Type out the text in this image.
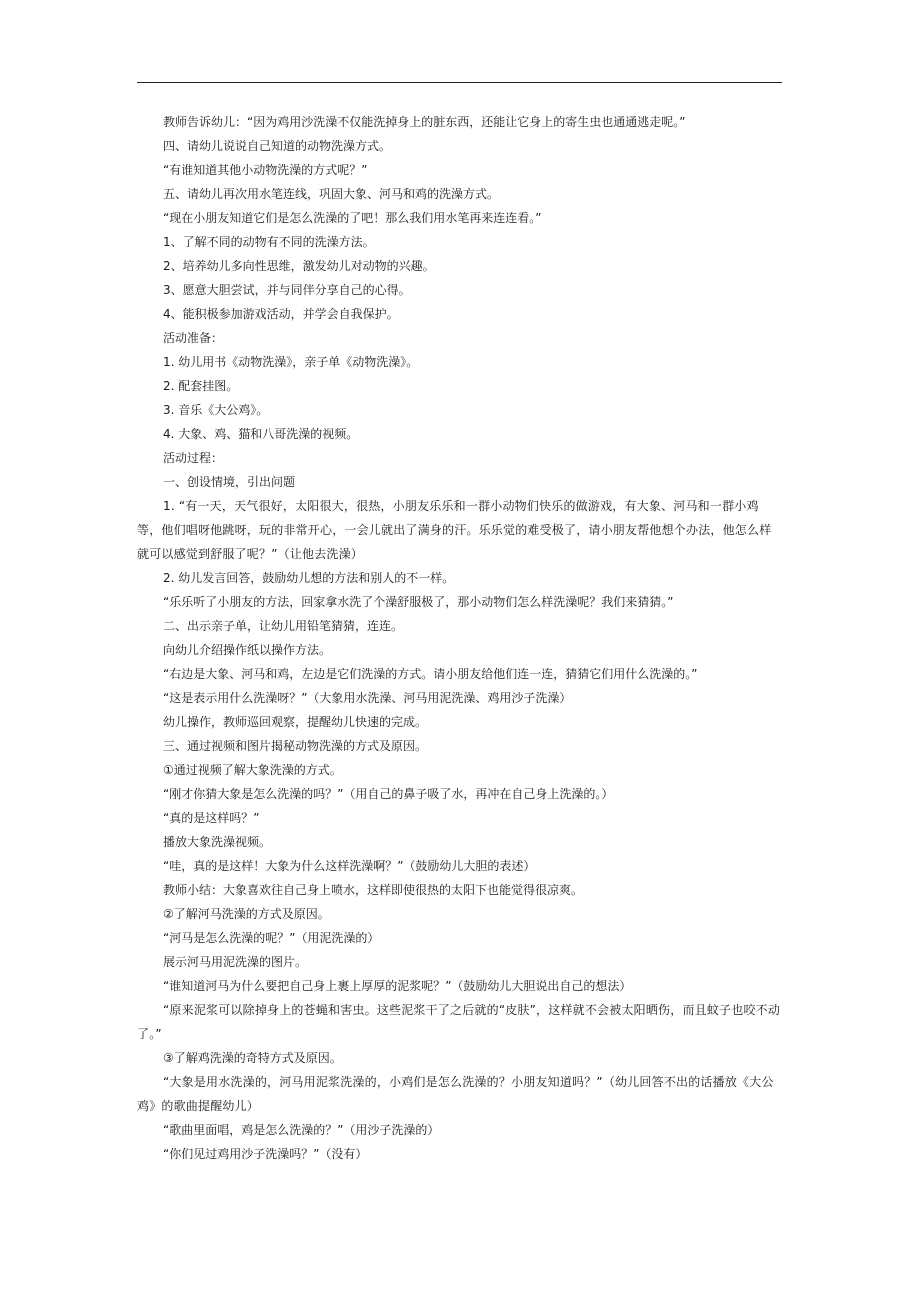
教师告诉幼儿：“因为鸡用沙洗澡不仅能洗掉身上的脏东西，还能让它身上的寄生虫也通通逃走呢。”
四、请幼儿说说自己知道的动物洗澡方式。
“有谁知道其他小动物洗澡的方式呢？”
五、请幼儿再次用水笔连线，巩固大象、河马和鸡的洗澡方式。
“现在小朋友知道它们是怎么洗澡的了吧！那么我们用水笔再来连连看。”
1、了解不同的动物有不同的洗澡方法。
2、培养幼儿多向性思维，激发幼儿对动物的兴趣。
3、愿意大胆尝试，并与同伴分享自己的心得。
4、能积极参加游戏活动，并学会自我保护。
活动准备：
1. 幼儿用书《动物洗澡》，亲子单《动物洗澡》。
2. 配套挂图。
3. 音乐《大公鸡》。
4. 大象、鸡、猫和八哥洗澡的视频。
活动过程：
一、创设情境，引出问题
1. “有一天，天气很好，太阳很大，很热，小朋友乐乐和一群小动物们快乐的做游戏，有大象、河马和一群小鸡等，他们唱呀他跳呀，玩的非常开心，一会儿就出了满身的汗。乐乐觉的难受极了，请小朋友帮他想个办法，他怎么样就可以感觉到舒服了呢？”（让他去洗澡）
2. 幼儿发言回答，鼓励幼儿想的方法和别人的不一样。
“乐乐听了小朋友的方法，回家拿水洗了个澡舒服极了，那小动物们怎么样洗澡呢？我们来猜猜。”
二、出示亲子单，让幼儿用铅笔猜猜，连连。
向幼儿介绍操作纸以操作方法。
“右边是大象、河马和鸡，左边是它们洗澡的方式。请小朋友给他们连一连，猜猜它们用什么洗澡的。”
“这是表示用什么洗澡呀？”（大象用水洗澡、河马用泥洗澡、鸡用沙子洗澡）
幼儿操作，教师巡回观察，提醒幼儿快速的完成。
三、通过视频和图片揭秘动物洗澡的方式及原因。
①通过视频了解大象洗澡的方式。
“刚才你猜大象是怎么洗澡的吗？”（用自己的鼻子吸了水，再冲在自己身上洗澡的。）
“真的是这样吗？”
播放大象洗澡视频。
“哇，真的是这样！大象为什么这样洗澡啊？”（鼓励幼儿大胆的表述）
教师小结：大象喜欢往自己身上喷水，这样即使很热的太阳下也能觉得很凉爽。
②了解河马洗澡的方式及原因。
“河马是怎么洗澡的呢？”（用泥洗澡的）
展示河马用泥洗澡的图片。
“谁知道河马为什么要把自己身上裹上厚厚的泥浆呢？”（鼓励幼儿大胆说出自己的想法）
“原来泥浆可以除掉身上的苍蝇和害虫。这些泥浆干了之后就的“皮肤”，这样就不会被太阳晒伤，而且蚊子也咬不动了。”
③了解鸡洗澡的奇特方式及原因。
“大象是用水洗澡的，河马用泥浆洗澡的，小鸡们是怎么洗澡的？小朋友知道吗？”（幼儿回答不出的话播放《大公鸡》的歌曲提醒幼儿）
“歌曲里面唱，鸡是怎么洗澡的？”（用沙子洗澡的）
“你们见过鸡用沙子洗澡吗？”（没有）
